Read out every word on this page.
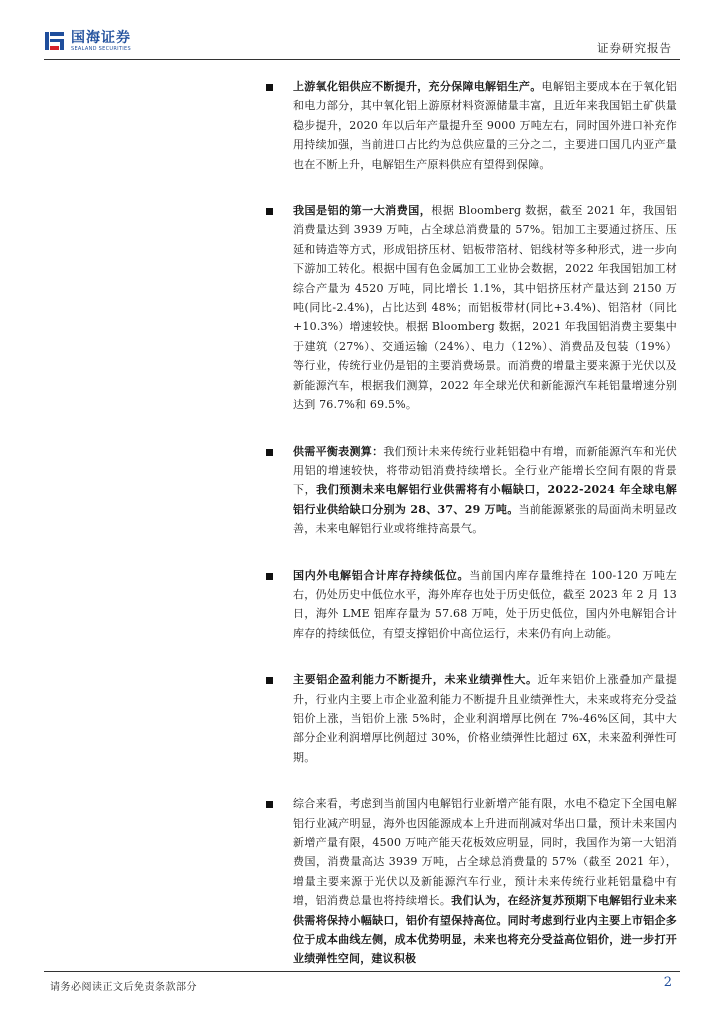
国海证券
SEALAND SECURITIES	证券研究报告

上游氧化铝供应不断提升，充分保障电解铝生产。电解铝主要成本在于氧化铝和电力部分，其中氧化铝上游原材料资源储量丰富，且近年来我国铝土矿供量稳步提升，2020 年以后年产量提升至 9000 万吨左右，同时国外进口补充作用持续加强，当前进口占比约为总供应量的三分之二，主要进口国几内亚产量也在不断上升，电解铝生产原料供应有望得到保障。

我国是铝的第一大消费国，根据 Bloomberg 数据，截至 2021 年，我国铝消费量达到 3939 万吨，占全球总消费量的 57%。铝加工主要通过挤压、压延和铸造等方式，形成铝挤压材、铝板带箔材、铝线材等多种形式，进一步向下游加工转化。根据中国有色金属加工工业协会数据，2022 年我国铝加工材综合产量为 4520 万吨，同比增长 1.1%，其中铝挤压材产量达到 2150 万吨(同比-2.4%)，占比达到 48%；而铝板带材(同比+3.4%)、铝箔材（同比+10.3%）增速较快。根据 Bloomberg 数据，2021 年我国铝消费主要集中于建筑（27%）、交通运输（24%）、电力（12%）、消费品及包装（19%）等行业，传统行业仍是铝的主要消费场景。而消费的增量主要来源于光伏以及新能源汽车，根据我们测算，2022 年全球光伏和新能源汽车耗铝量增速分别达到 76.7%和 69.5%。

供需平衡表测算：我们预计未来传统行业耗铝稳中有增，而新能源汽车和光伏用铝的增速较快，将带动铝消费持续增长。全行业产能增长空间有限的背景下，我们预测未来电解铝行业供需将有小幅缺口，2022-2024 年全球电解铝行业供给缺口分别为 28、37、29 万吨。当前能源紧张的局面尚未明显改善，未来电解铝行业或将维持高景气。

国内外电解铝合计库存持续低位。当前国内库存量维持在 100-120 万吨左右，仍处历史中低位水平，海外库存也处于历史低位，截至 2023 年 2 月 13 日，海外 LME 铝库存量为 57.68 万吨，处于历史低位，国内外电解铝合计库存的持续低位，有望支撑铝价中高位运行，未来仍有向上动能。

主要铝企盈利能力不断提升，未来业绩弹性大。近年来铝价上涨叠加产量提升，行业内主要上市企业盈利能力不断提升且业绩弹性大，未来或将充分受益铝价上涨，当铝价上涨 5%时，企业利润增厚比例在 7%-46%区间，其中大部分企业利润增厚比例超过 30%，价格业绩弹性比超过 6X，未来盈利弹性可期。

综合来看，考虑到当前国内电解铝行业新增产能有限，水电不稳定下全国电解铝行业减产明显，海外也因能源成本上升进而削减对华出口量，预计未来国内新增产量有限，4500 万吨产能天花板效应明显，同时，我国作为第一大铝消费国，消费量高达 3939 万吨，占全球总消费量的 57%（截至 2021 年），增量主要来源于光伏以及新能源汽车行业，预计未来传统行业耗铝量稳中有增，铝消费总量也将持续增长。我们认为，在经济复苏预期下电解铝行业未来供需将保持小幅缺口，铝价有望保持高位。同时考虑到行业内主要上市铝企多位于成本曲线左侧，成本优势明显，未来也将充分受益高位铝价，进一步打开业绩弹性空间，建议积极

请务必阅读正文后免责条款部分	2
